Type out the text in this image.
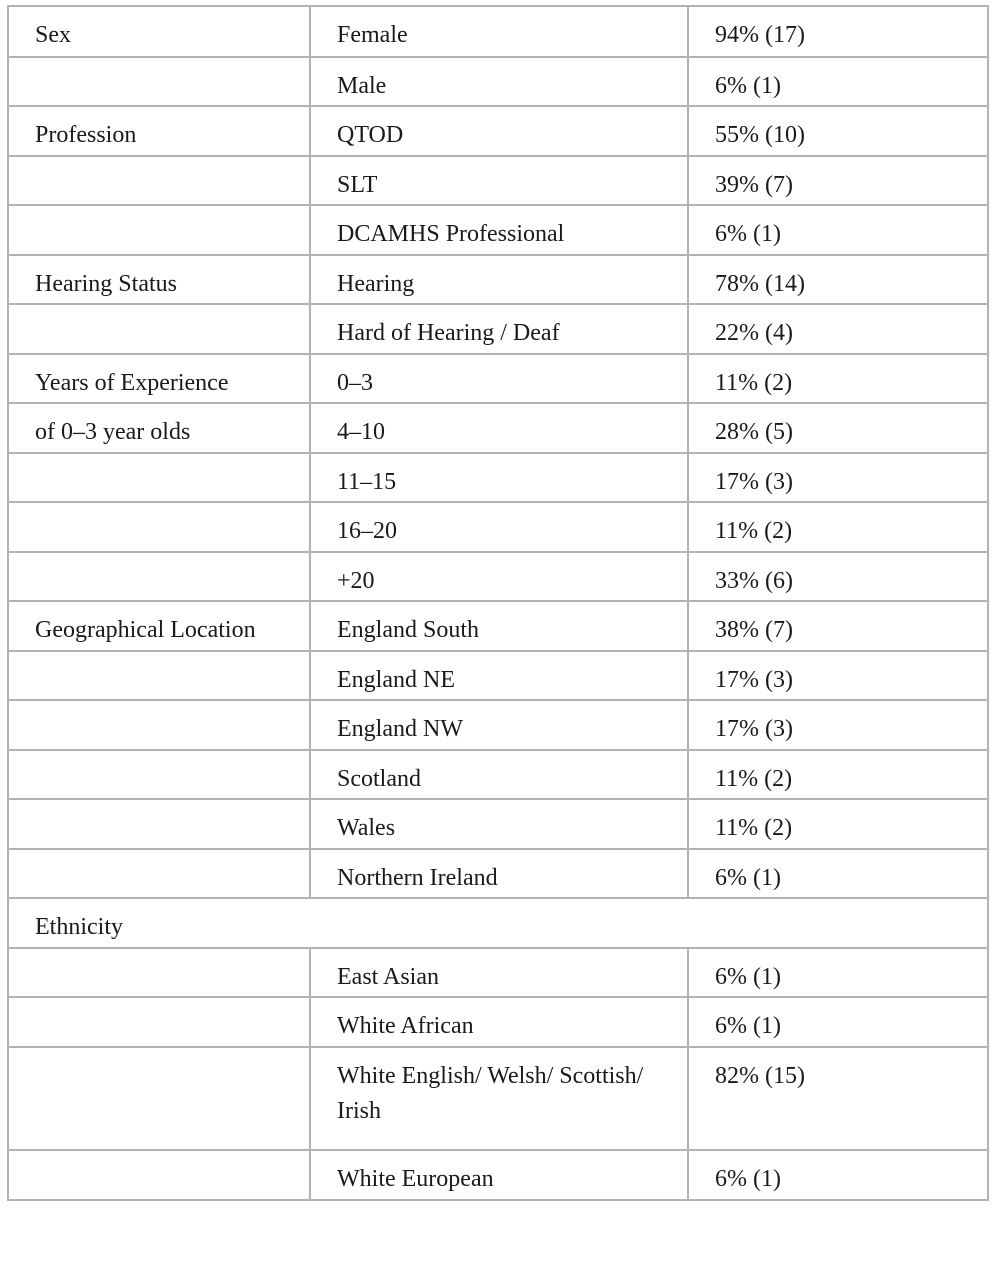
Sex	Female	94% (17)
	Male	6% (1)
Profession	QTOD	55% (10)
	SLT	39% (7)
	DCAMHS Professional	6% (1)
Hearing Status	Hearing	78% (14)
	Hard of Hearing / Deaf	22% (4)
Years of Experience	0–3	11% (2)
of 0–3 year olds	4–10	28% (5)
	11–15	17% (3)
	16–20	11% (2)
	+20	33% (6)
Geographical Location	England South	38% (7)
	England NE	17% (3)
	England NW	17% (3)
	Scotland	11% (2)
	Wales	11% (2)
	Northern Ireland	6% (1)
Ethnicity		
	East Asian	6% (1)
	White African	6% (1)
	White English/ Welsh/ Scottish/ Irish	82% (15)
	White European	6% (1)
